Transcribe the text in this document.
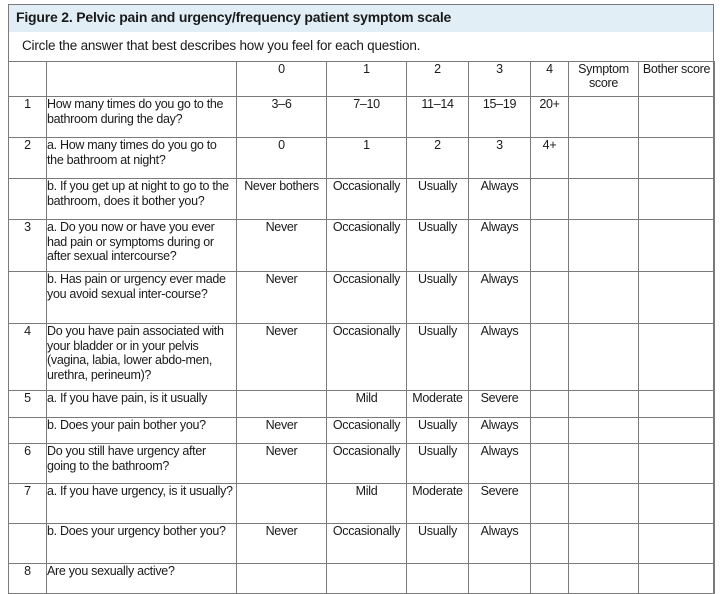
Figure 2. Pelvic pain and urgency/frequency patient symptom scale
Circle the answer that best describes how you feel for each question.
		0	1	2	3	4	Symptom score	Bother score
1	How many times do you go to the bathroom during the day?	3–6	7–10	11–14	15–19	20+		
2	a. How many times do you go to the bathroom at night?	0	1	2	3	4+		
	b. If you get up at night to go to the bathroom, does it bother you?	Never bothers	Occasionally	Usually	Always			
3	a. Do you now or have you ever had pain or symptoms during or after sexual intercourse?	Never	Occasionally	Usually	Always			
	b. Has pain or urgency ever made you avoid sexual inter-course?	Never	Occasionally	Usually	Always			
4	Do you have pain associated with your bladder or in your pelvis (vagina, labia, lower abdo-men, urethra, perineum)?	Never	Occasionally	Usually	Always			
5	a. If you have pain, is it usually		Mild	Moderate	Severe			
	b. Does your pain bother you?	Never	Occasionally	Usually	Always			
6	Do you still have urgency after going to the bathroom?	Never	Occasionally	Usually	Always			
7	a. If you have urgency, is it usually?		Mild	Moderate	Severe			
	b. Does your urgency bother you?	Never	Occasionally	Usually	Always			
8	Are you sexually active?							
